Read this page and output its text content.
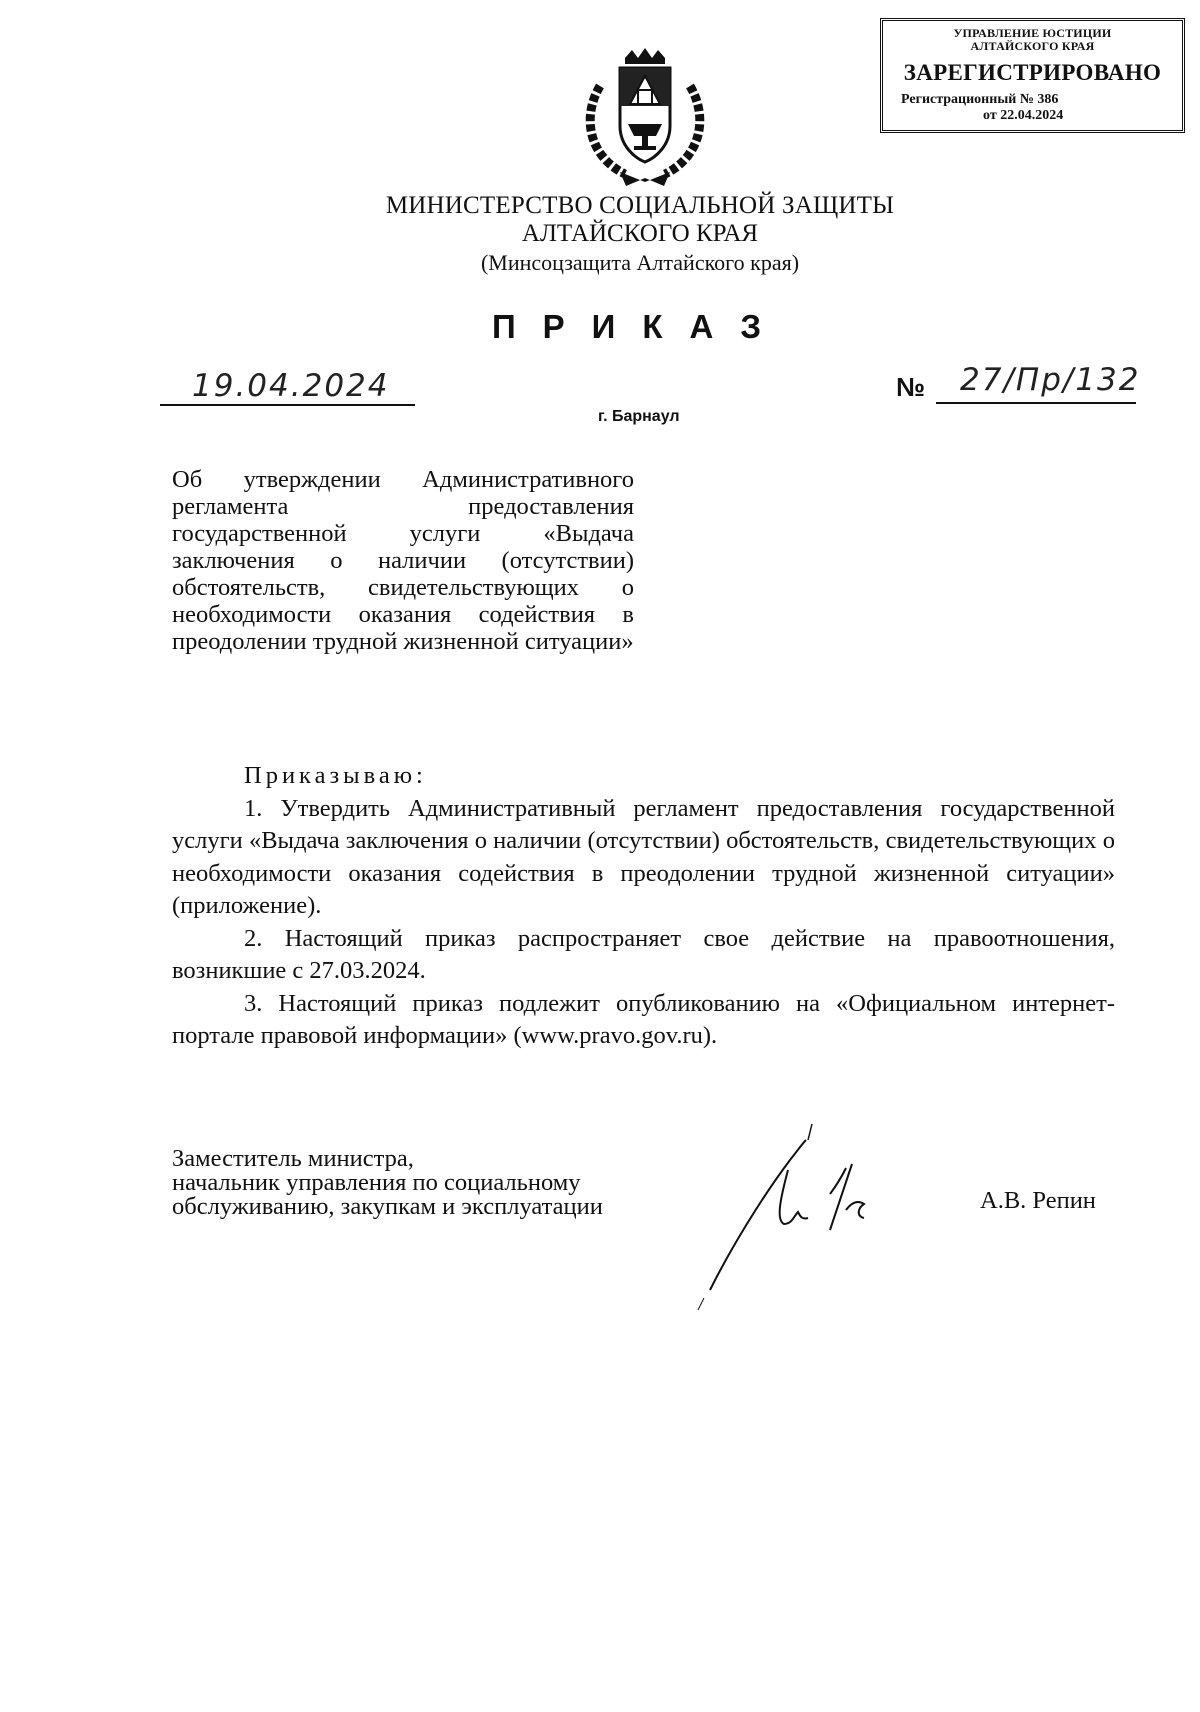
УПРАВЛЕНИЕ ЮСТИЦИИ
АЛТАЙСКОГО КРАЯ
ЗАРЕГИСТРИРОВАНО
Регистрационный № 386
от 22.04.2024
МИНИСТЕРСТВО СОЦИАЛЬНОЙ ЗАЩИТЫ
АЛТАЙСКОГО КРАЯ
(Минсоцзащита Алтайского края)
ПРИКАЗ
19.04.2024	№ 27/Пр/132
г. Барнаул
Об утверждении Административного регламента предоставления государственной услуги «Выдача заключения о наличии (отсутствии) обстоятельств, свидетельствующих о необходимости оказания содействия в преодолении трудной жизненной ситуации»
Приказываю:

1. Утвердить Административный регламент предоставления государственной услуги «Выдача заключения о наличии (отсутствии) обстоятельств, свидетельствующих о необходимости оказания содействия в преодолении трудной жизненной ситуации» (приложение).

2. Настоящий приказ распространяет свое действие на правоотношения, возникшие с 27.03.2024.

3. Настоящий приказ подлежит опубликованию на «Официальном интернет-портале правовой информации» (www.pravo.gov.ru).

Заместитель министра,
начальник управления по социальному
обслуживанию, закупкам и эксплуатации	А.В. Репин
